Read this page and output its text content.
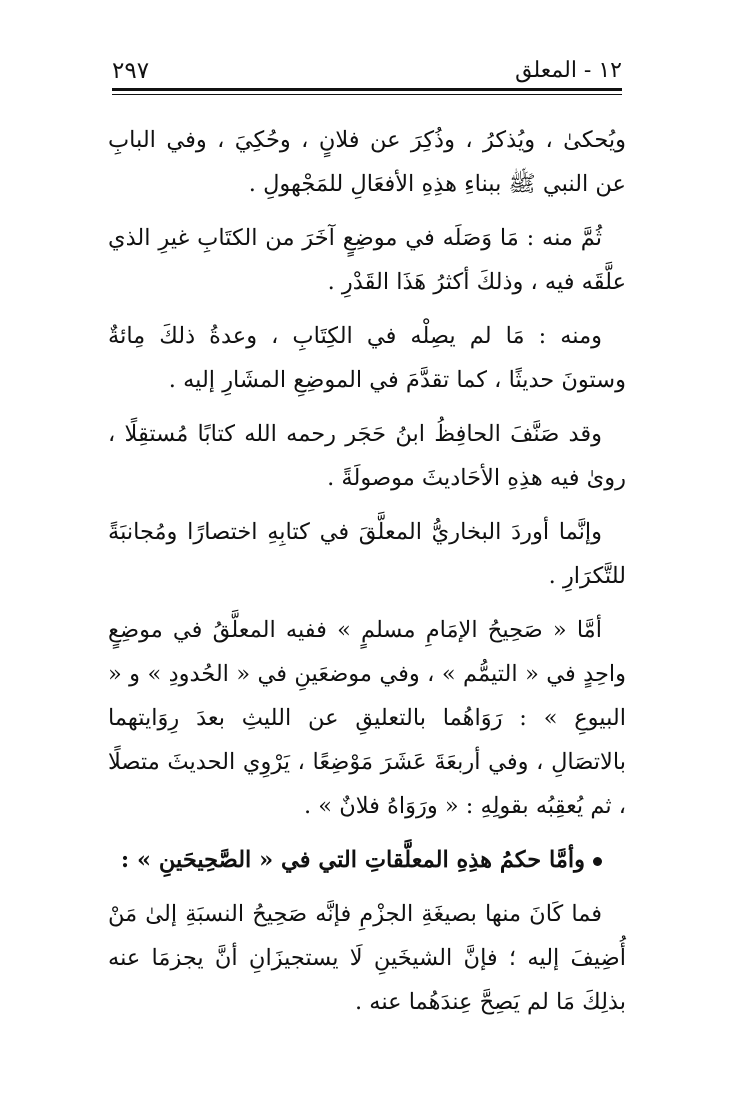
١٢ - المعلق
٢٩٧

ويُحكىٰ ، ويُذكرُ ، وذُكِرَ عن فلانٍ ، وحُكِيَ ، وفي البابِ عن النبي ﷺ ببناءِ هذِهِ الأفعَالِ للمَجْهولِ .

ثُمَّ منه : مَا وَصَلَه في موضِعٍ آخَرَ من الكتَابِ غيرِ الذي علَّقَه فيه ، وذلكَ أكثرُ هَذَا القَدْرِ .

ومنه : مَا لم يصِلْه في الكِتَابِ ، وعدةُ ذلكَ مِائةٌ وستونَ حديثًا ، كما تقدَّمَ في الموضِعِ المشَارِ إليه .

وقد صَنَّفَ الحافِظُ ابنُ حَجَر رحمه الله كتابًا مُستقِلًا ، روىٰ فيه هذِهِ الأحَاديثَ موصولَةً .

وإنَّما أوردَ البخاريُّ المعلَّقَ في كتابِهِ اختصارًا ومُجانبَةً للتَّكرَارِ .

أمَّا « صَحِيحُ الإمَامِ مسلمٍ » ففيه المعلَّقُ في موضِعٍ واحِدٍ في « التيمُّم » ، وفي موضعَينِ في « الحُدودِ » و « البيوعِ » : رَوَاهُما بالتعليقِ عن الليثِ بعدَ رِوَايتهما بالاتصَالِ ، وفي أربعَةَ عَشَرَ مَوْضِعًا ، يَرْوِي الحديثَ متصلًا ، ثم يُعقِبُه بقولِهِ : « ورَوَاهُ فلانٌ » .

وأمَّا حكمُ هذِهِ المعلَّقاتِ التي في « الصَّحِيحَينِ » :

فما كَانَ منها بصيغَةِ الجزْمِ فإنَّه صَحِيحُ النسبَةِ إلىٰ مَنْ أُضِيفَ إليه ؛ فإنَّ الشيخَينِ لَا يستجيزَانِ أنَّ يجزمَا عنه بذلِكَ مَا لم يَصِحَّ عِندَهُما عنه .
